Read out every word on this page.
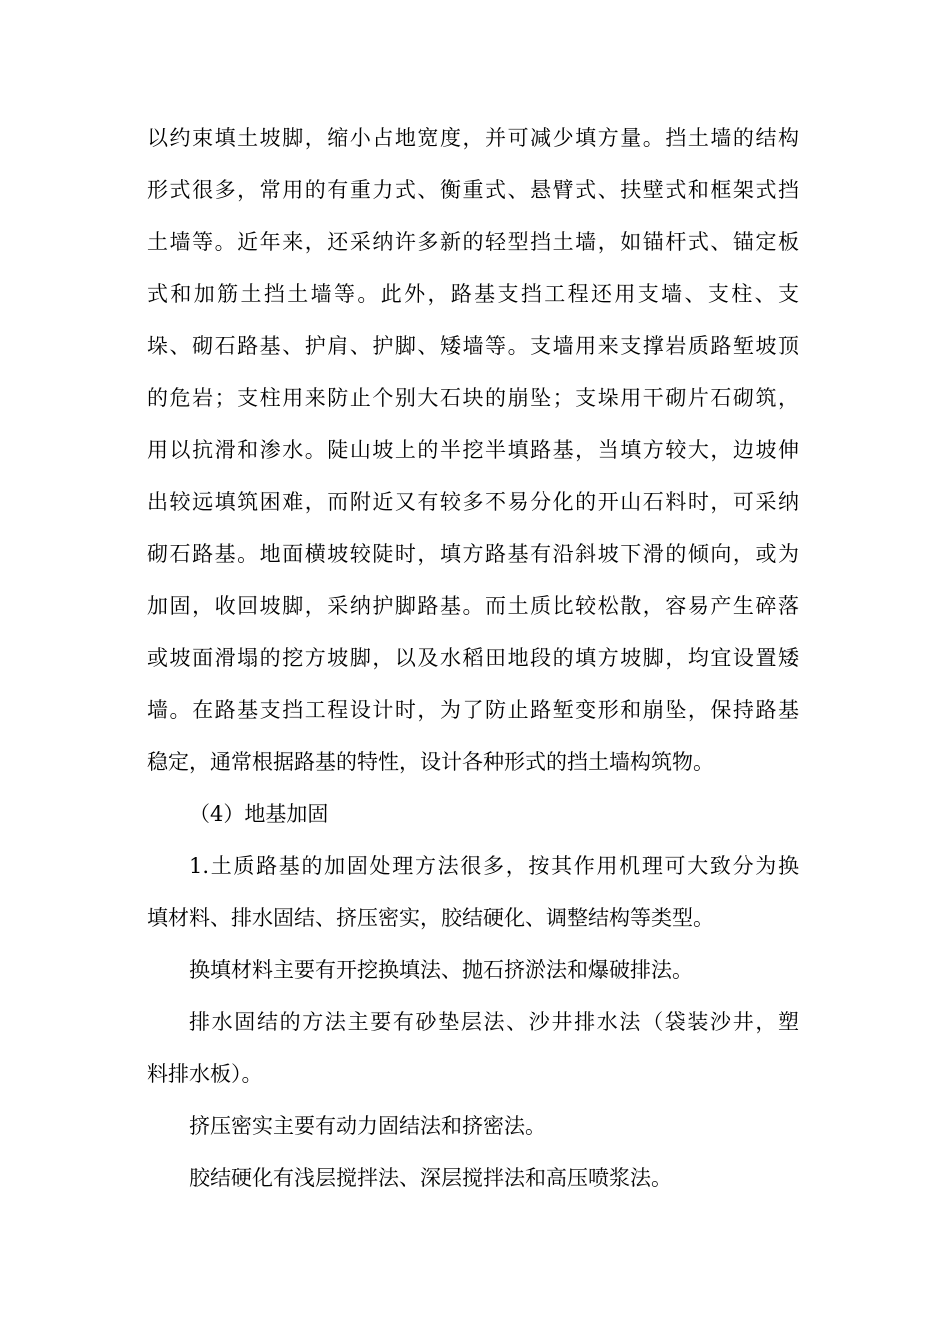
以约束填土坡脚，缩小占地宽度，并可减少填方量。挡土墙的结构
形式很多，常用的有重力式、衡重式、悬臂式、扶壁式和框架式挡
土墙等。近年来，还采纳许多新的轻型挡土墙，如锚杆式、锚定板
式和加筋土挡土墙等。此外，路基支挡工程还用支墙、支柱、支
垛、砌石路基、护肩、护脚、矮墙等。支墙用来支撑岩质路堑坡顶
的危岩；支柱用来防止个别大石块的崩坠；支垛用干砌片石砌筑，
用以抗滑和渗水。陡山坡上的半挖半填路基，当填方较大，边坡伸
出较远填筑困难，而附近又有较多不易分化的开山石料时，可采纳
砌石路基。地面横坡较陡时，填方路基有沿斜坡下滑的倾向，或为
加固，收回坡脚，采纳护脚路基。而土质比较松散，容易产生碎落
或坡面滑塌的挖方坡脚，以及水稻田地段的填方坡脚，均宜设置矮
墙。在路基支挡工程设计时，为了防止路堑变形和崩坠，保持路基
稳定，通常根据路基的特性，设计各种形式的挡土墙构筑物。
（4）地基加固
1.土质路基的加固处理方法很多，按其作用机理可大致分为换
填材料、排水固结、挤压密实，胶结硬化、调整结构等类型。
换填材料主要有开挖换填法、抛石挤淤法和爆破排法。
排水固结的方法主要有砂垫层法、沙井排水法（袋装沙井，塑
料排水板）。
挤压密实主要有动力固结法和挤密法。
胶结硬化有浅层搅拌法、深层搅拌法和高压喷浆法。
